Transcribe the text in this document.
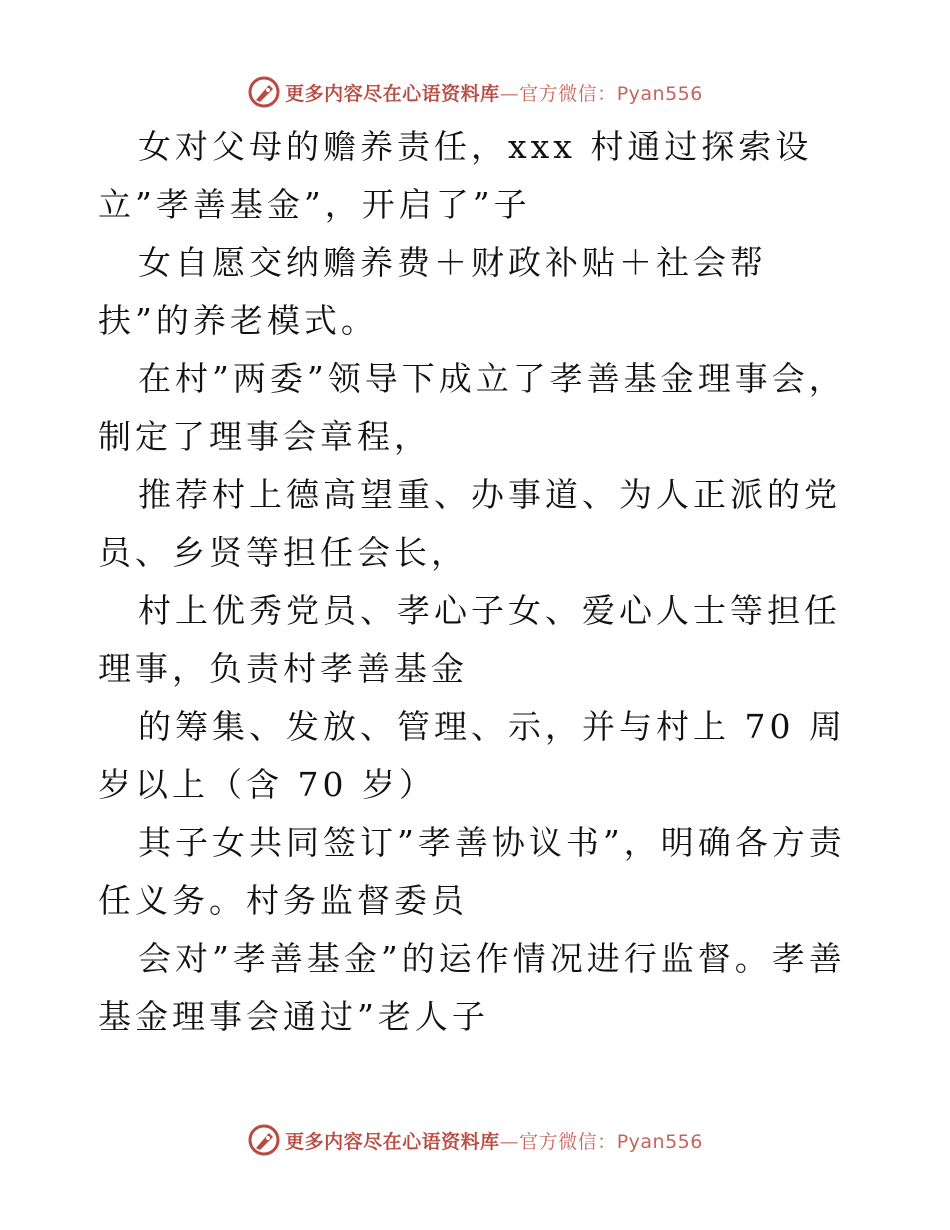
更多内容尽在心语资料库—官方微信：Pyan556

女对父母的赡养责任，xxx 村通过探索设立”孝善基金”，开启了”子

女自愿交纳赡养费＋财政补贴＋社会帮扶”的养老模式。

在村”两委”领导下成立了孝善基金理事会，制定了理事会章程，

推荐村上德高望重、办事道、为人正派的党员、乡贤等担任会长，

村上优秀党员、孝心子女、爱心人士等担任理事，负责村孝善基金

的筹集、发放、管理、示，并与村上 70 周岁以上（含 70 岁）

其子女共同签订”孝善协议书”，明确各方责任义务。村务监督委员

会对”孝善基金”的运作情况进行监督。孝善基金理事会通过”老人子

更多内容尽在心语资料库—官方微信：Pyan556
